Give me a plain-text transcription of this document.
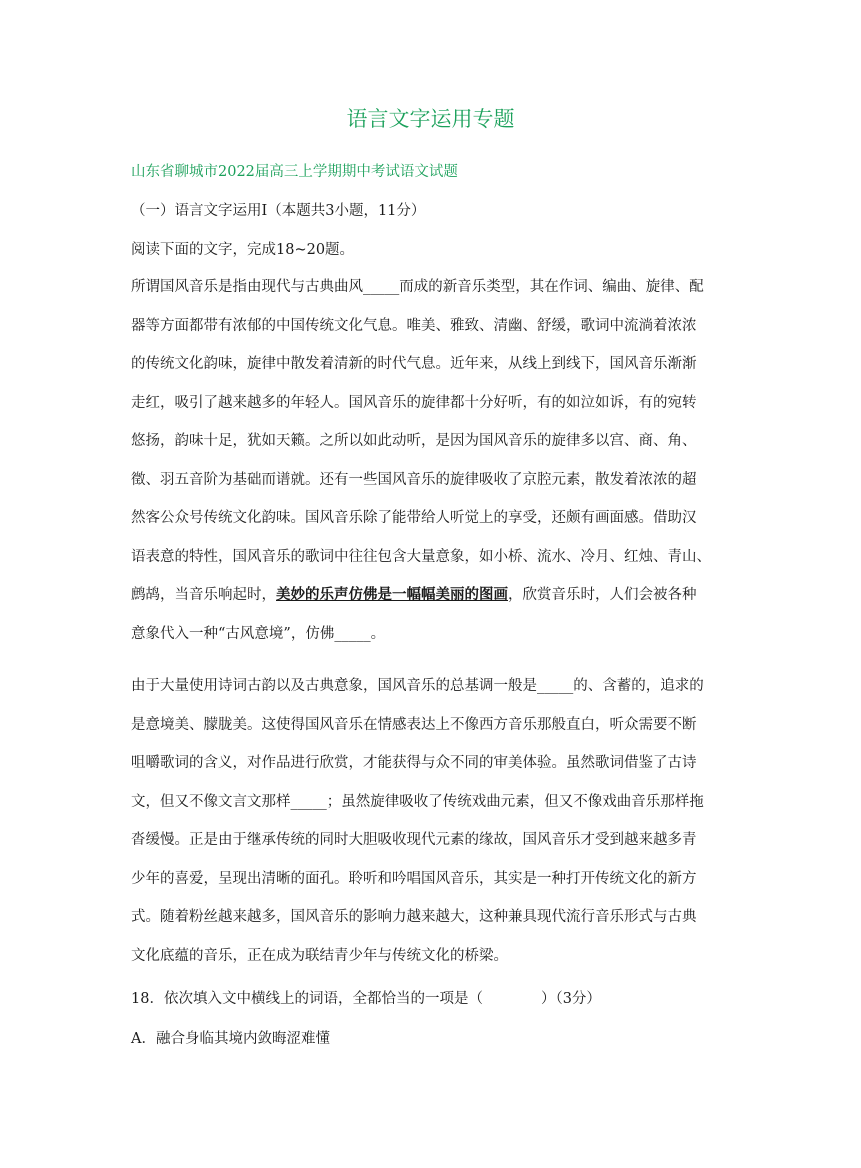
语言文字运用专题
山东省聊城市2022届高三上学期期中考试语文试题
（一）语言文字运用Ⅰ（本题共3小题，11分）
阅读下面的文字，完成18~20题。
所谓国风音乐是指由现代与古典曲风_____而成的新音乐类型，其在作词、编曲、旋律、配
器等方面都带有浓郁的中国传统文化气息。唯美、雅致、清幽、舒缓，歌词中流淌着浓浓
的传统文化韵味，旋律中散发着清新的时代气息。近年来，从线上到线下，国风音乐渐渐
走红，吸引了越来越多的年轻人。国风音乐的旋律都十分好听，有的如泣如诉，有的宛转
悠扬，韵味十足，犹如天籁。之所以如此动听，是因为国风音乐的旋律多以宫、商、角、
徵、羽五音阶为基础而谱就。还有一些国风音乐的旋律吸收了京腔元素，散发着浓浓的超
然客公众号传统文化韵味。国风音乐除了能带给人听觉上的享受，还颇有画面感。借助汉
语表意的特性，国风音乐的歌词中往往包含大量意象，如小桥、流水、冷月、红烛、青山、
鹧鸪，当音乐响起时，美妙的乐声仿佛是一幅幅美丽的图画，欣赏音乐时，人们会被各种
意象代入一种“古风意境”，仿佛_____。
由于大量使用诗词古韵以及古典意象，国风音乐的总基调一般是_____的、含蓄的，追求的
是意境美、朦胧美。这使得国风音乐在情感表达上不像西方音乐那般直白，听众需要不断
咀嚼歌词的含义，对作品进行欣赏，才能获得与众不同的审美体验。虽然歌词借鉴了古诗
文，但又不像文言文那样_____；虽然旋律吸收了传统戏曲元素，但又不像戏曲音乐那样拖
沓缓慢。正是由于继承传统的同时大胆吸收现代元素的缘故，国风音乐才受到越来越多青
少年的喜爱，呈现出清晰的面孔。聆听和吟唱国风音乐，其实是一种打开传统文化的新方
式。随着粉丝越来越多，国风音乐的影响力越来越大，这种兼具现代流行音乐形式与古典
文化底蕴的音乐，正在成为联结青少年与传统文化的桥梁。
18．依次填入文中横线上的词语，全都恰当的一项是（　　　　）（3分）
A．融合身临其境内敛晦涩难懂
